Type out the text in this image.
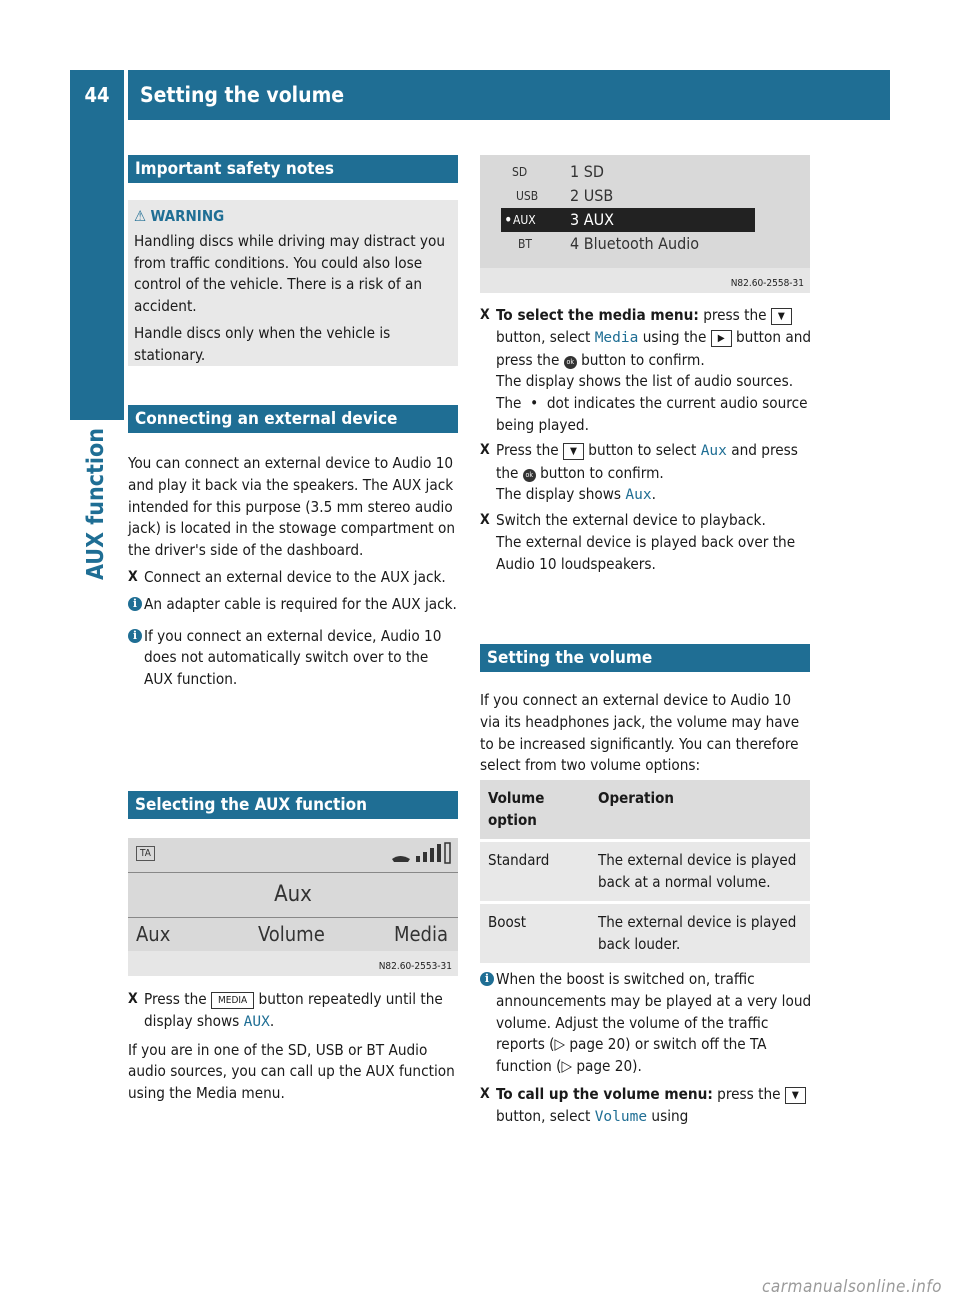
44	Setting the volume
AUX function
Important safety notes
⚠ WARNING

Handling discs while driving may distract you from traffic conditions. You could also lose control of the vehicle. There is a risk of an accident.

Handle discs only when the vehicle is stationary.

Connecting an external device

You can connect an external device to Audio 10 and play it back via the speakers. The AUX jack intended for this purpose (3.5 mm stereo audio jack) is located in the stowage compartment on the driver's side of the dashboard.

X Connect an external device to the AUX jack.
i An adapter cable is required for the AUX jack.
i If you connect an external device, Audio 10 does not automatically switch over to the AUX function.
Selecting the AUX function
TA
Aux
Aux	Volume	Media
N82.60-2553-31
X Press the MEDIA button repeatedly until the display shows AUX.

If you are in one of the SD, USB or BT Audio audio sources, you can call up the AUX function using the Media menu.

SD	1 SD
USB 2 USB
• AUX 3 AUX
BT 4 Bluetooth Audio
N82.60-2558-31
X To select the media menu: press the ▼ button, select Media using the ▶ button and press the ok button to confirm.
The display shows the list of audio sources.
The  •  dot indicates the current audio source being played.
X Press the ▼ button to select Aux and press the ok button to confirm.
The display shows Aux.
X Switch the external device to playback.
The external device is played back over the Audio 10 loudspeakers.
Setting the volume
If you connect an external device to Audio 10 via its headphones jack, the volume may have to be increased significantly. You can therefore select from two volume options:
Volume option	Operation
Standard	The external device is played back at a normal volume.
Boost	The external device is played back louder.
i When the boost is switched on, traffic announcements may be played at a very loud volume. Adjust the volume of the traffic reports (▷ page 20) or switch off the TA function (▷ page 20).
X To call up the volume menu: press the ▼ button, select Volume using
carmanualsonline.info
